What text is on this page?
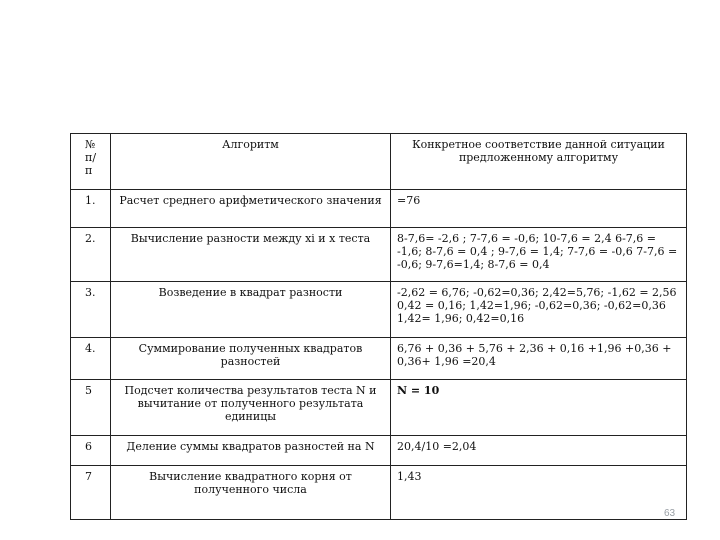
№ п/ п	Алгоритм	Конкретное соответствие данной ситуации предложенному алгоритму
1.	Расчет среднего арифметического значения	=76
2.	Вычисление разности между xi и x теста	8-7,6= -2,6 ; 7-7,6 = -0,6; 10-7,6 = 2,4 6-7,6 = -1,6; 8-7,6 = 0,4 ; 9-7,6 = 1,4; 7-7,6 = -0,6 7-7,6 = -0,6; 9-7,6=1,4; 8-7,6 = 0,4
3.	Возведение в квадрат разности	-2,62 = 6,76; -0,62=0,36; 2,42=5,76; -1,62 = 2,56 0,42 = 0,16; 1,42=1,96; -0,62=0,36; -0,62=0,36 1,42= 1,96; 0,42=0,16
4.	Суммирование полученных квадратов разностей	6,76 + 0,36 + 5,76 + 2,36 + 0,16 +1,96 +0,36 + 0,36+ 1,96 =20,4
5	Подсчет количества результатов теста N и вычитание от полученного результата единицы	N = 10
6	Деление суммы квадратов разностей на N	20,4/10 =2,04
7	Вычисление квадратного корня от полученного числа	1,43
63
